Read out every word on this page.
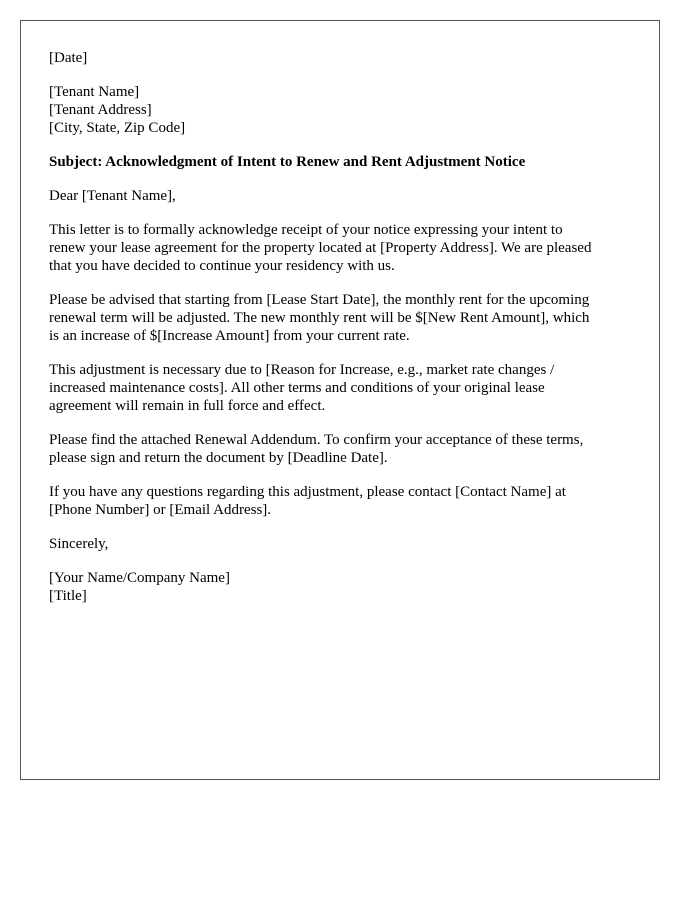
[Date]
[Tenant Name]
[Tenant Address]
[City, State, Zip Code]
Subject: Acknowledgment of Intent to Renew and Rent Adjustment Notice
Dear [Tenant Name],
This letter is to formally acknowledge receipt of your notice expressing your intent to
renew your lease agreement for the property located at [Property Address]. We are pleased
that you have decided to continue your residency with us.
Please be advised that starting from [Lease Start Date], the monthly rent for the upcoming
renewal term will be adjusted. The new monthly rent will be $[New Rent Amount], which
is an increase of $[Increase Amount] from your current rate.
This adjustment is necessary due to [Reason for Increase, e.g., market rate changes /
increased maintenance costs]. All other terms and conditions of your original lease
agreement will remain in full force and effect.
Please find the attached Renewal Addendum. To confirm your acceptance of these terms,
please sign and return the document by [Deadline Date].
If you have any questions regarding this adjustment, please contact [Contact Name] at
[Phone Number] or [Email Address].
Sincerely,
[Your Name/Company Name]
[Title]
